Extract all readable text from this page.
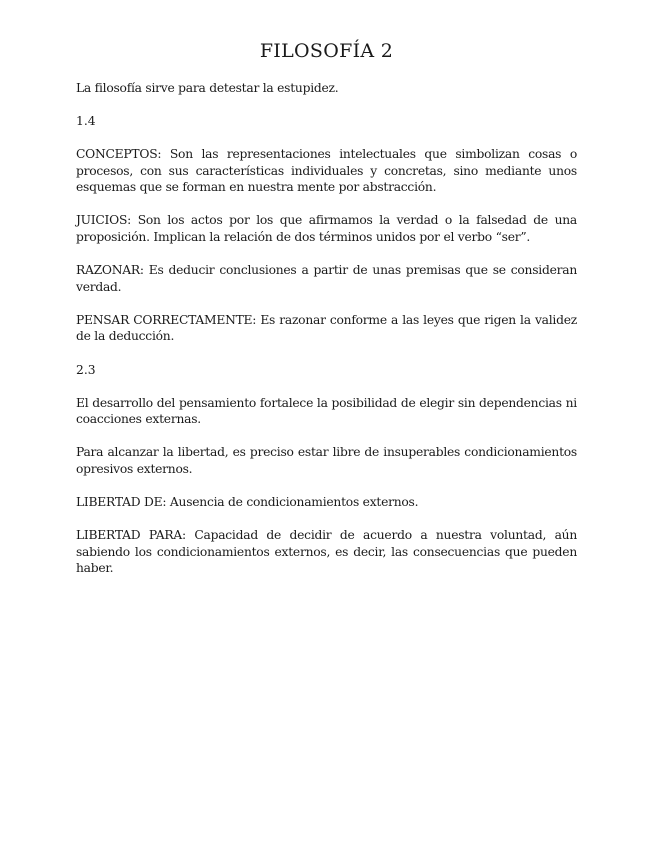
FILOSOFÍA 2

La filosofía sirve para detestar la estupidez.

1.4

CONCEPTOS: Son las representaciones intelectuales que simbolizan cosas o procesos, con sus características individuales y concretas, sino mediante unos esquemas que se forman en nuestra mente por abstracción.

JUICIOS: Son los actos por los que afirmamos la verdad o la falsedad de una proposición. Implican la relación de dos términos unidos por el verbo “ser”.

RAZONAR: Es deducir conclusiones a partir de unas premisas que se consideran verdad.

PENSAR CORRECTAMENTE: Es razonar conforme a las leyes que rigen la validez de la deducción.

2.3

El desarrollo del pensamiento fortalece la posibilidad de elegir sin dependencias ni coacciones externas.

Para alcanzar la libertad, es preciso estar libre de insuperables condicionamientos opresivos externos.

LIBERTAD DE: Ausencia de condicionamientos externos.

LIBERTAD PARA: Capacidad de decidir de acuerdo a nuestra voluntad, aún sabiendo los condicionamientos externos, es decir, las consecuencias que pueden haber.
